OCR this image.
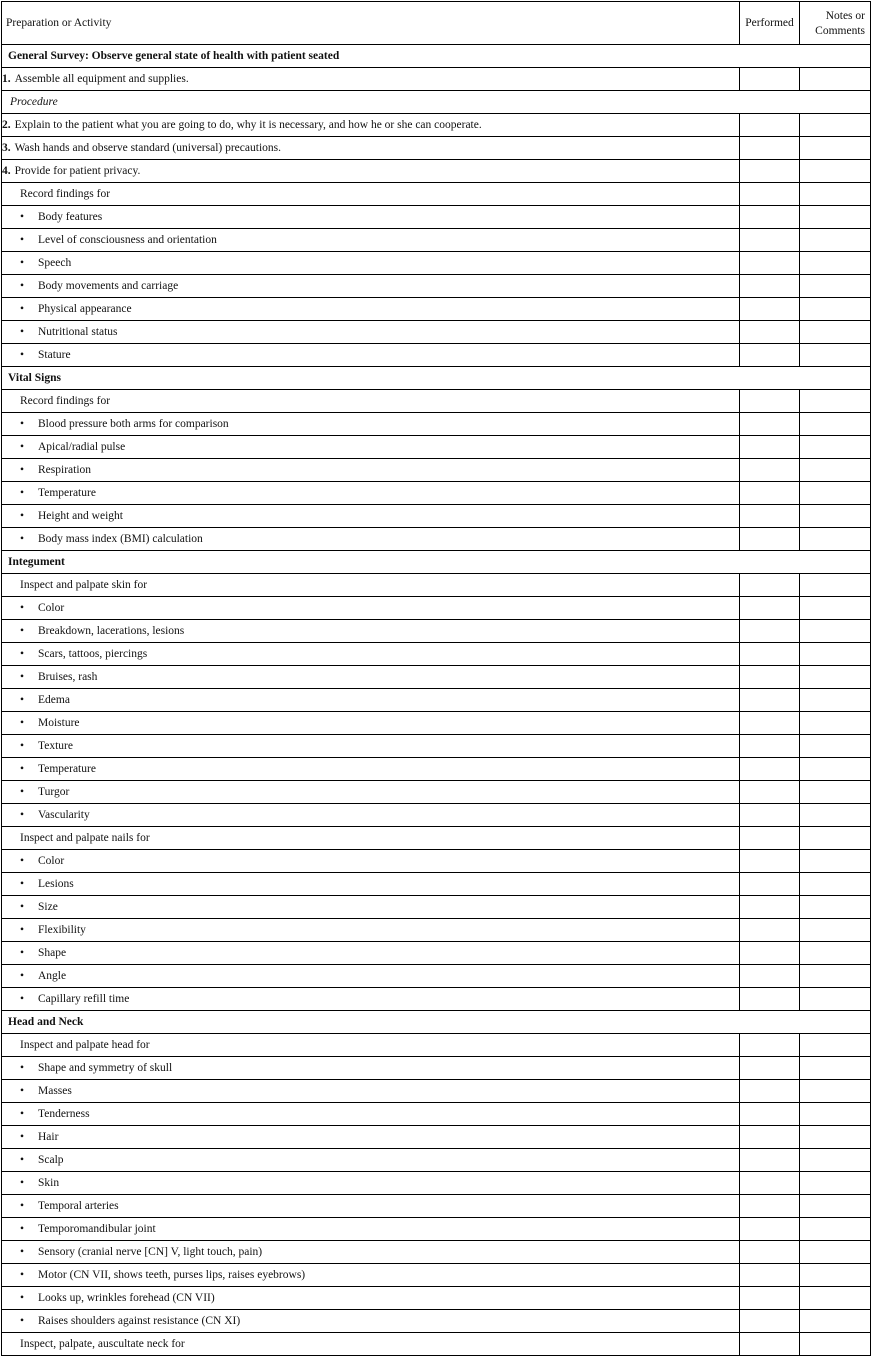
Preparation or Activity	Performed	Notes or
Comments
General Survey: Observe general state of health with patient seated		
1. Assemble all equipment and supplies.		
Procedure		
2. Explain to the patient what you are going to do, why it is necessary, and how he or she can cooperate.		
3. Wash hands and observe standard (universal) precautions.		
4. Provide for patient privacy.		
Record findings for		
• Body features		
• Level of consciousness and orientation		
• Speech		
• Body movements and carriage		
• Physical appearance		
• Nutritional status		
• Stature		
Vital Signs		
Record findings for		
• Blood pressure both arms for comparison		
• Apical/radial pulse		
• Respiration		
• Temperature		
• Height and weight		
• Body mass index (BMI) calculation		
Integument		
Inspect and palpate skin for		
• Color		
• Breakdown, lacerations, lesions		
• Scars, tattoos, piercings		
• Bruises, rash		
• Edema		
• Moisture		
• Texture		
• Temperature		
• Turgor		
• Vascularity		
Inspect and palpate nails for		
• Color		
• Lesions		
• Size		
• Flexibility		
• Shape		
• Angle		
• Capillary refill time		
Head and Neck		
Inspect and palpate head for		
• Shape and symmetry of skull		
• Masses		
• Tenderness		
• Hair		
• Scalp		
• Skin		
• Temporal arteries		
• Temporomandibular joint		
• Sensory (cranial nerve [CN] V, light touch, pain)		
• Motor (CN VII, shows teeth, purses lips, raises eyebrows)		
• Looks up, wrinkles forehead (CN VII)		
• Raises shoulders against resistance (CN XI)		
Inspect, palpate, auscultate neck for		
